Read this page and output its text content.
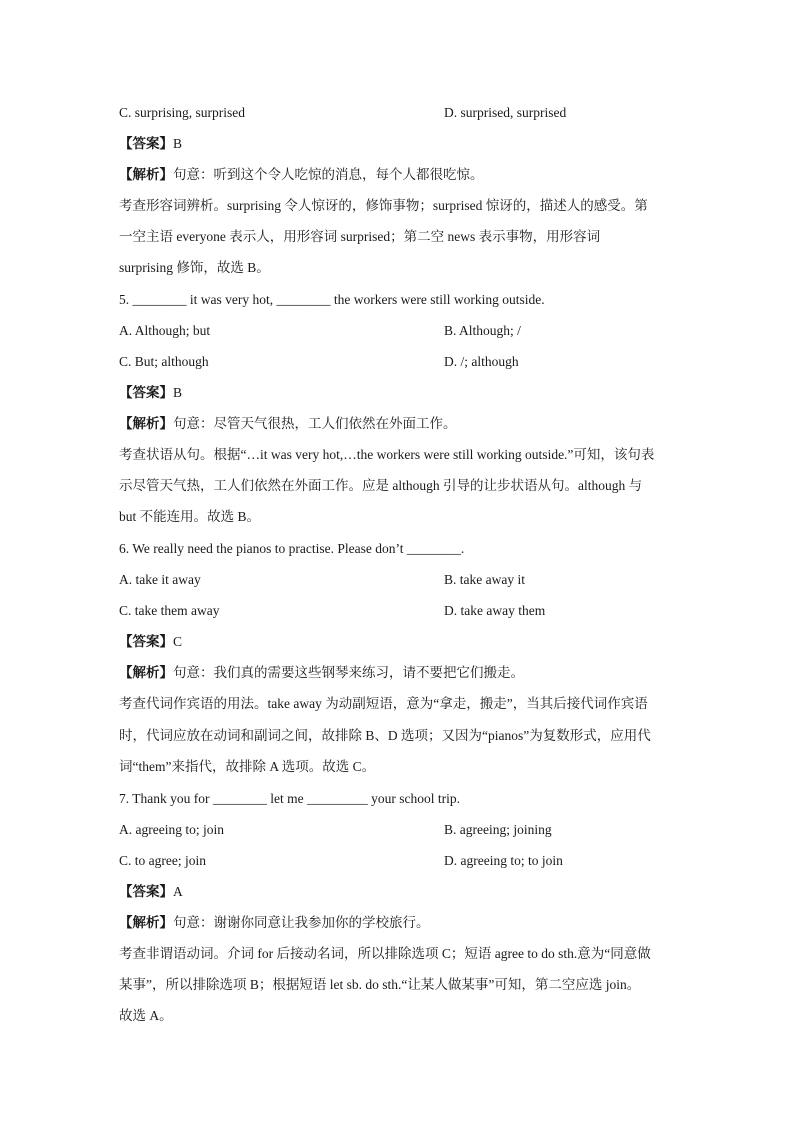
C. surprising, surprised	D. surprised, surprised
【答案】B
【解析】句意：听到这个令人吃惊的消息，每个人都很吃惊。
考查形容词辨析。surprising 令人惊讶的，修饰事物；surprised 惊讶的，描述人的感受。第
一空主语 everyone 表示人，用形容词 surprised；第二空 news 表示事物，用形容词
surprising 修饰，故选 B。
5. ________ it was very hot, ________ the workers were still working outside.
A. Although; but	B. Although; /
C. But; although	D. /; although
【答案】B
【解析】句意：尽管天气很热，工人们依然在外面工作。
考查状语从句。根据“…it was very hot,…the workers were still working outside.”可知，该句表
示尽管天气热，工人们依然在外面工作。应是 although 引导的让步状语从句。although 与
but 不能连用。故选 B。
6. We really need the pianos to practise. Please don’t ________.
A. take it away	B. take away it
C. take them away	D. take away them
【答案】C
【解析】句意：我们真的需要这些钢琴来练习，请不要把它们搬走。
考查代词作宾语的用法。take away 为动副短语，意为“拿走，搬走”，当其后接代词作宾语
时，代词应放在动词和副词之间，故排除 B、D 选项；又因为“pianos”为复数形式，应用代
词“them”来指代，故排除 A 选项。故选 C。
7. Thank you for ________ let me _________ your school trip.
A. agreeing to; join	B. agreeing; joining
C. to agree; join	D. agreeing to; to join
【答案】A
【解析】句意：谢谢你同意让我参加你的学校旅行。
考查非谓语动词。介词 for 后接动名词，所以排除选项 C；短语 agree to do sth.意为“同意做
某事”，所以排除选项 B；根据短语 let sb. do sth.“让某人做某事”可知，第二空应选 join。
故选 A。
